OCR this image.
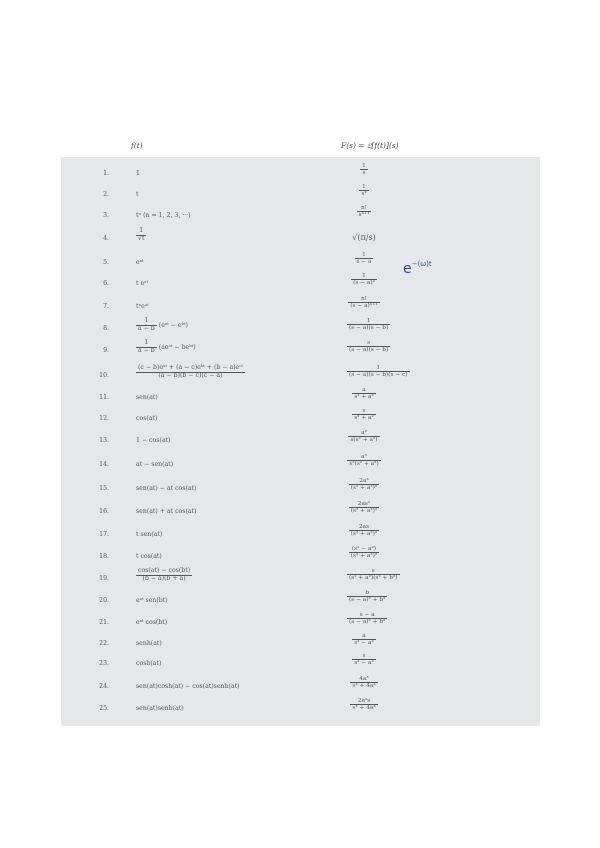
f(t)	F(s) = 𝔏[f(t)](s)
1.	1	$\frac{1}{s}$
2.	t	$\frac{1}{\text{s²}}$
3.	tⁿ (n = 1, 2, 3, ···)	$\frac{n!}{\text{sⁿ⁺¹}}$
4.	$\frac{1}{√t}$	√(π/s)
5.	eᵃᵗ	$\frac{1}{s - a}$
6.	t eᵃᵗ	$\frac{1}{\text{(s − a)²}}$
7.	tⁿeᵃᵗ	$\frac{n!}{\text{(s − a)ⁿ⁺¹}}$
8.	$\frac{1}{a - b}$ (eᵃᵗ − eᵇᵗ)	$\frac{1}{(s - a)(s - b)}$
9.	$\frac{1}{a - b}$ (aeᵃᵗ − beᵇᵗ)	$\frac{s}{(s - a)(s - b)}$
10.	$\frac{\text{(c − b)eᵃᵗ + (a − c)eᵇᵗ + (b − a)eᶜᵗ}}{(a - b)(b - c)(c - a)}$	$\frac{1}{(s - a)(s - b)(s - c)}$
11.	sen(at)	$\frac{a}{\text{s² + a²}}$
12.	cos(at)	$\frac{s}{\text{s² + a²}}$
13.	1 − cos(at)	$\frac{\text{a²}}{\text{s(s² + a²)}}$
14.	at − sen(at)	$\frac{\text{a³}}{\text{s²(s² + a²)}}$
15.	sen(at) − at cos(at)	$\frac{\text{2a³}}{\text{(s² + a²)²}}$
16.	sen(at) + at cos(at)	$\frac{\text{2as²}}{\text{(s² + a²)²}}$
17.	t sen(at)	$\frac{2as}{\text{(s² + a²)²}}$
18.	t cos(at)	$\frac{\text{(s² − a²)}}{\text{(s² + a²)²}}$
19.	$\frac{\cos(at) - \cos(bt)}{(b - a)(b + a)}$	$\frac{s}{\text{(s² + a²)(s² + b²)}}$
20.	eᵃᵗ sen(bt)	$\frac{b}{\text{(s − a)² + b²}}$
21.	eᵃᵗ cos(bt)	$\frac{s - a}{\text{(s − a)² + b²}}$
22.	senh(at)	$\frac{a}{\text{s² − a²}}$
23.	cosh(at)	$\frac{s}{\text{s² − a²}}$
24.	sen(at)cosh(at) − cos(at)senh(at)	$\frac{\text{4a³}}{\text{s⁴ + 4a⁴}}$
25.	sen(at)senh(at)	$\frac{\text{2a²s}}{\text{s⁴ + 4a⁴}}$
$e^{-(\omega)t}$
